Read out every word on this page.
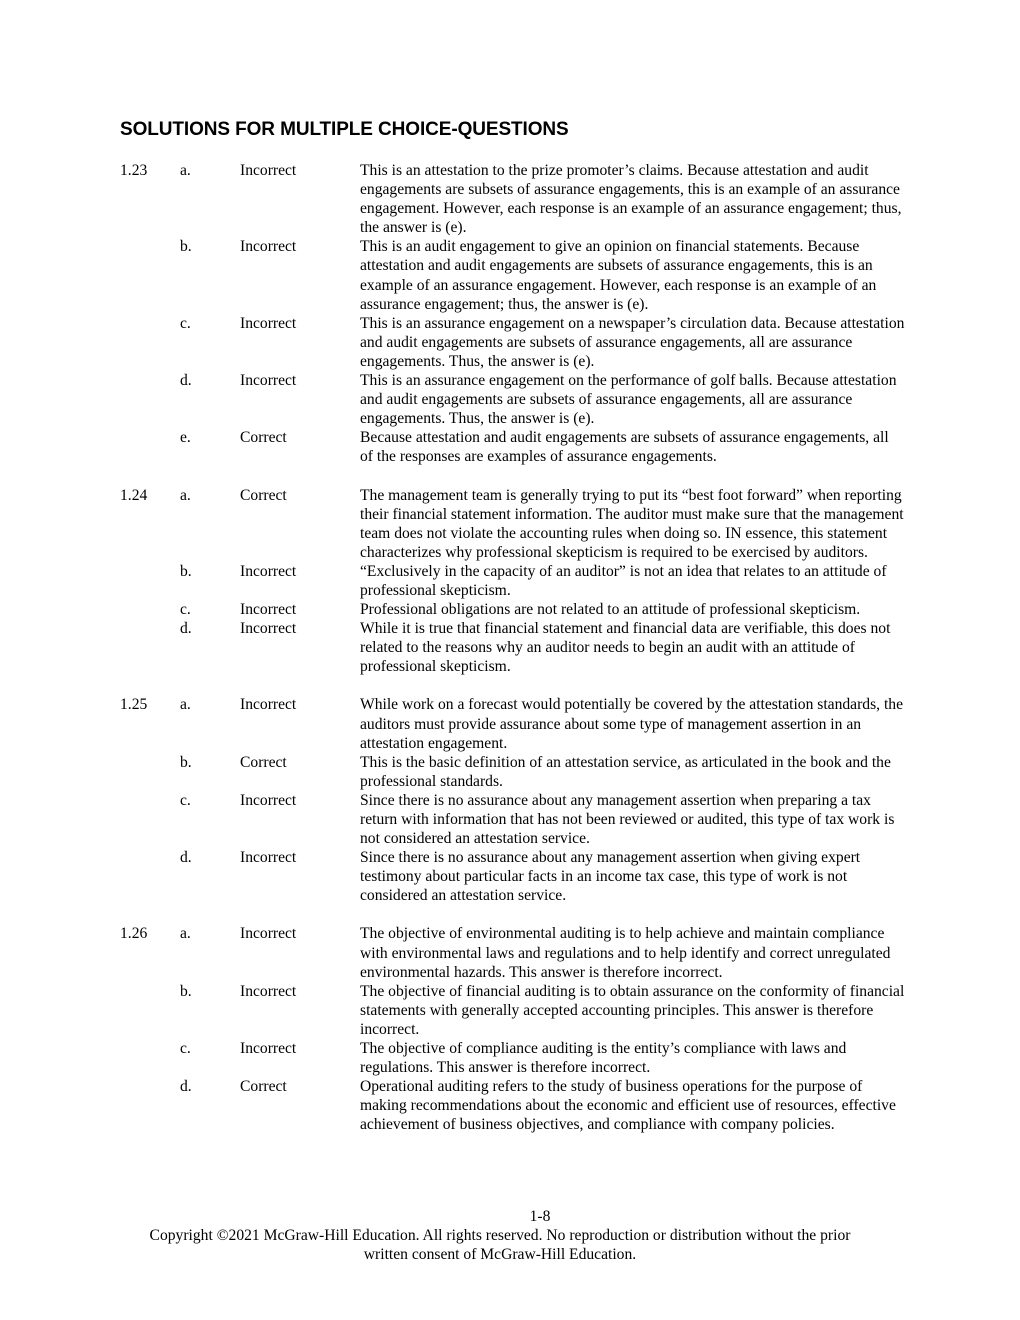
SOLUTIONS FOR MULTIPLE CHOICE-QUESTIONS
1.23 a.	Incorrect	This is an attestation to the prize promoter’s claims. Because attestation and audit engagements are subsets of assurance engagements, this is an example of an assurance engagement. However, each response is an example of an assurance engagement; thus, the answer is (e).
b.	Incorrect	This is an audit engagement to give an opinion on financial statements. Because attestation and audit engagements are subsets of assurance engagements, this is an example of an assurance engagement. However, each response is an example of an assurance engagement; thus, the answer is (e).
c.	Incorrect	This is an assurance engagement on a newspaper’s circulation data. Because attestation and audit engagements are subsets of assurance engagements, all are assurance engagements. Thus, the answer is (e).
d.	Incorrect	This is an assurance engagement on the performance of golf balls. Because attestation and audit engagements are subsets of assurance engagements, all are assurance engagements. Thus, the answer is (e).
e.	Correct	Because attestation and audit engagements are subsets of assurance engagements, all of the responses are examples of assurance engagements.
1.24 a.	Correct	The management team is generally trying to put its “best foot forward” when reporting their financial statement information. The auditor must make sure that the management team does not violate the accounting rules when doing so. IN essence, this statement characterizes why professional skepticism is required to be exercised by auditors.
b.	Incorrect	“Exclusively in the capacity of an auditor” is not an idea that relates to an attitude of professional skepticism.
c.	Incorrect	Professional obligations are not related to an attitude of professional skepticism.
d.	Incorrect	While it is true that financial statement and financial data are verifiable, this does not related to the reasons why an auditor needs to begin an audit with an attitude of professional skepticism.
1.25 a.	Incorrect	While work on a forecast would potentially be covered by the attestation standards, the auditors must provide assurance about some type of management assertion in an attestation engagement.
b.	Correct	This is the basic definition of an attestation service, as articulated in the book and the professional standards.
c.	Incorrect	Since there is no assurance about any management assertion when preparing a tax return with information that has not been reviewed or audited, this type of tax work is not considered an attestation service.
d.	Incorrect	Since there is no assurance about any management assertion when giving expert testimony about particular facts in an income tax case, this type of work is not considered an attestation service.
1.26 a.	Incorrect	The objective of environmental auditing is to help achieve and maintain compliance with environmental laws and regulations and to help identify and correct unregulated environmental hazards. This answer is therefore incorrect.
b.	Incorrect	The objective of financial auditing is to obtain assurance on the conformity of financial statements with generally accepted accounting principles. This answer is therefore incorrect.
c.	Incorrect	The objective of compliance auditing is the entity’s compliance with laws and regulations. This answer is therefore incorrect.
d.	Correct	Operational auditing refers to the study of business operations for the purpose of making recommendations about the economic and efficient use of resources, effective achievement of business objectives, and compliance with company policies.
1-8
Copyright ©2021 McGraw-Hill Education. All rights reserved. No reproduction or distribution without the prior written consent of McGraw-Hill Education.
